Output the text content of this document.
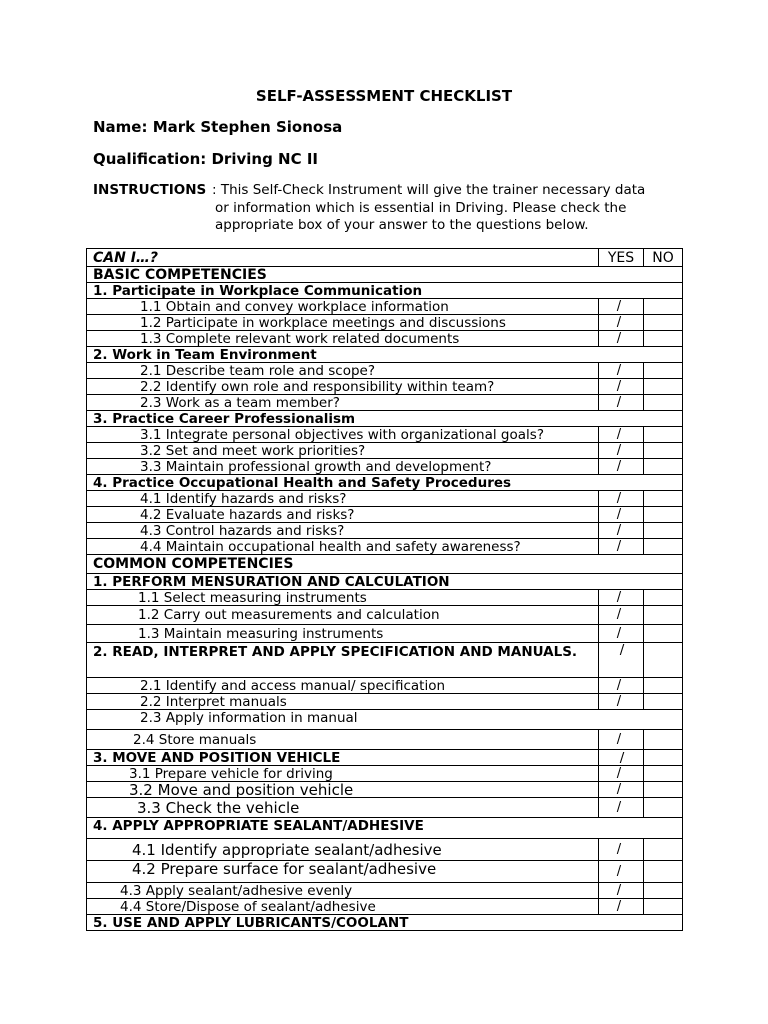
SELF-ASSESSMENT CHECKLIST
Name: Mark Stephen Sionosa
Qualification: Driving NC II
INSTRUCTIONS : This Self-Check Instrument will give the trainer necessary data
or information which is essential in Driving. Please check the
appropriate box of your answer to the questions below.
CAN I…?	YES	NO
BASIC COMPETENCIES		
1. Participate in Workplace Communication		
1.1 Obtain and convey workplace information	/	
1.2 Participate in workplace meetings and discussions	/	
1.3 Complete relevant work related documents	/	
2. Work in Team Environment		
2.1 Describe team role and scope?	/	
2.2 Identify own role and responsibility within team?	/	
2.3 Work as a team member?	/	
3. Practice Career Professionalism		
3.1 Integrate personal objectives with organizational goals?	/	
3.2 Set and meet work priorities?	/	
3.3 Maintain professional growth and development?	/	
4. Practice Occupational Health and Safety Procedures		
4.1 Identify hazards and risks?	/	
4.2 Evaluate hazards and risks?	/	
4.3 Control hazards and risks?	/	
4.4 Maintain occupational health and safety awareness?	/	
COMMON COMPETENCIES		
1. PERFORM MENSURATION AND CALCULATION		
1.1 Select measuring instruments	/	
1.2 Carry out measurements and calculation	/	
1.3 Maintain measuring instruments	/	
2. READ, INTERPRET AND APPLY SPECIFICATION AND MANUALS.	/	
2.1 Identify and access manual/ specification	/	
2.2 Interpret manuals	/	
2.3 Apply information in manual		
2.4 Store manuals	/	
3. MOVE AND POSITION VEHICLE	/	
3.1 Prepare vehicle for driving	/	
3.2 Move and position vehicle	/	
3.3 Check the vehicle	/	
4. APPLY APPROPRIATE SEALANT/ADHESIVE		
4.1 Identify appropriate sealant/adhesive	/	
4.2 Prepare surface for sealant/adhesive	/	
4.3 Apply sealant/adhesive evenly	/	
4.4 Store/Dispose of sealant/adhesive	/	
5. USE AND APPLY LUBRICANTS/COOLANT		
